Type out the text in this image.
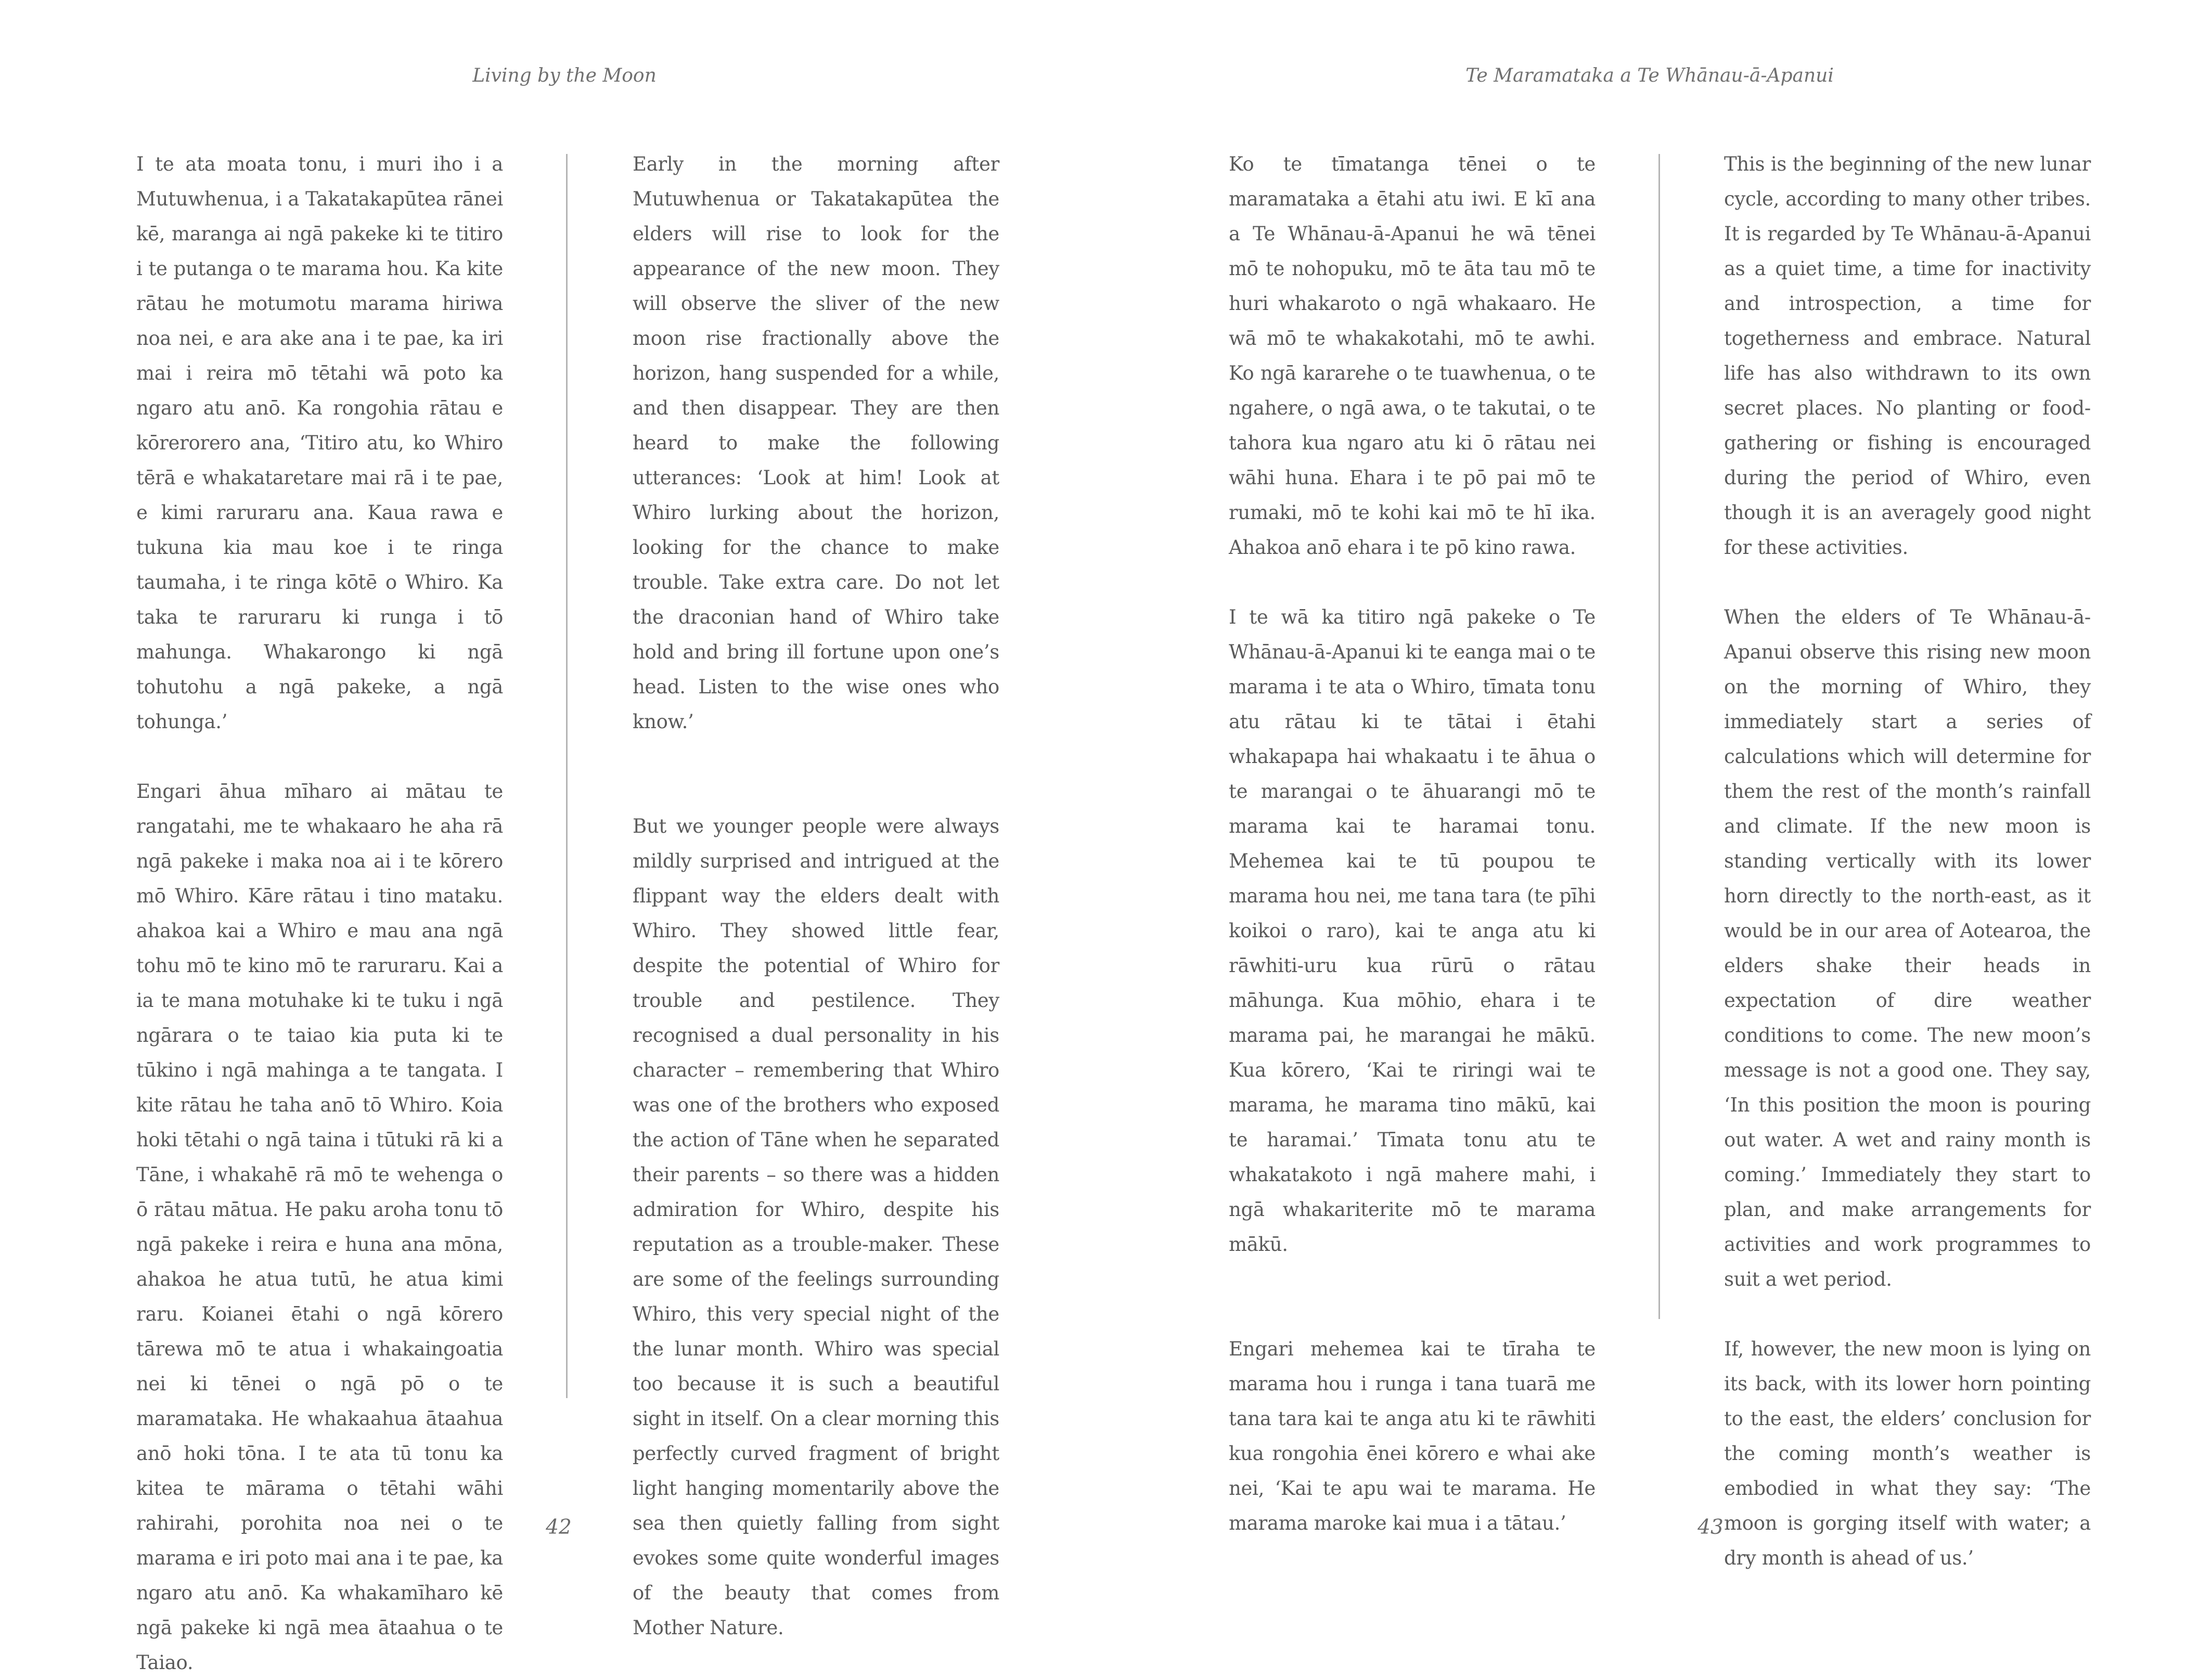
Living by the Moon

I te ata moata tonu, i muri iho i a Mutuwhenua, i a Takatakapūtea rānei kē, maranga ai ngā pakeke ki te titiro i te putanga o te marama hou. Ka kite rātau he motumotu marama hiriwa noa nei, e ara ake ana i te pae, ka iri mai i reira mō tētahi wā poto ka ngaro atu anō. Ka rongohia rātau e kōrerorero ana, ‘Titiro atu, ko Whiro tērā e whakataretare mai rā i te pae, e kimi raruraru ana. Kaua rawa e tukuna kia mau koe i te ringa taumaha, i te ringa kōtē o Whiro. Ka taka te raruraru ki runga i tō mahunga. Whakarongo ki ngā tohutohu a ngā pakeke, a ngā tohunga.’

Engari āhua mīharo ai mātau te rangatahi, me te whakaaro he aha rā ngā pakeke i maka noa ai i te kōrero mō Whiro. Kāre rātau i tino mataku. ahakoa kai a Whiro e mau ana ngā tohu mō te kino mō te raruraru. Kai a ia te mana motuhake ki te tuku i ngā ngārara o te taiao kia puta ki te tūkino i ngā mahinga a te tangata. I kite rātau he taha anō tō Whiro. Koia hoki tētahi o ngā taina i tūtuki rā ki a Tāne, i whakahē rā mō te wehenga o ō rātau mātua. He paku aroha tonu tō ngā pakeke i reira e huna ana mōna, ahakoa he atua tutū, he atua kimi raru. Koianei ētahi o ngā kōrero tārewa mō te atua i whakaingoatia nei ki tēnei o ngā pō o te maramataka. He whakaahua ātaahua anō hoki tōna. I te ata tū tonu ka kitea te mārama o tētahi wāhi rahirahi, porohita noa nei o te marama e iri poto mai ana i te pae, ka ngaro atu anō. Ka whakamīharo kē ngā pakeke ki ngā mea ātaahua o te Taiao.

Early in the morning after Mutuwhenua or Takatakapūtea the elders will rise to look for the appearance of the new moon. They will observe the sliver of the new moon rise fractionally above the horizon, hang suspended for a while, and then disappear. They are then heard to make the following utterances: ‘Look at him! Look at Whiro lurking about the horizon, looking for the chance to make trouble. Take extra care. Do not let the draconian hand of Whiro take hold and bring ill fortune upon one’s head. Listen to the wise ones who know.’

But we younger people were always mildly surprised and intrigued at the flippant way the elders dealt with Whiro. They showed little fear, despite the potential of Whiro for trouble and pestilence. They recognised a dual personality in his character – remembering that Whiro was one of the brothers who exposed the action of Tāne when he separated their parents – so there was a hidden admiration for Whiro, despite his reputation as a trouble-maker. These are some of the feelings surrounding Whiro, this very special night of the the lunar month. Whiro was special too because it is such a beautiful sight in itself. On a clear morning this perfectly curved fragment of bright light hanging momentarily above the sea then quietly falling from sight evokes some quite wonderful images of the beauty that comes from Mother Nature.

42
Te Maramataka a Te Whānau-ā-Apanui

Ko te tīmatanga tēnei o te maramataka a ētahi atu iwi. E kī ana a Te Whānau-ā-Apanui he wā tēnei mō te nohopuku, mō te āta tau mō te huri whakaroto o ngā whakaaro. He wā mō te whakakotahi, mō te awhi. Ko ngā kararehe o te tuawhenua, o te ngahere, o ngā awa, o te takutai, o te tahora kua ngaro atu ki ō rātau nei wāhi huna. Ehara i te pō pai mō te rumaki, mō te kohi kai mō te hī ika. Ahakoa anō ehara i te pō kino rawa.

I te wā ka titiro ngā pakeke o Te Whānau-ā-Apanui ki te eanga mai o te marama i te ata o Whiro, tīmata tonu atu rātau ki te tātai i ētahi whakapapa hai whakaatu i te āhua o te marangai o te āhuarangi mō te marama kai te haramai tonu. Mehemea kai te tū poupou te marama hou nei, me tana tara (te pīhi koikoi o raro), kai te anga atu ki rāwhiti-uru kua rūrū o rātau māhunga. Kua mōhio, ehara i te marama pai, he marangai he mākū. Kua kōrero, ‘Kai te riringi wai te marama, he marama tino mākū, kai te haramai.’ Tīmata tonu atu te whakatakoto i ngā mahere mahi, i ngā whakariterite mō te marama mākū.

Engari mehemea kai te tīraha te marama hou i runga i tana tuarā me tana tara kai te anga atu ki te rāwhiti kua rongohia ēnei kōrero e whai ake nei, ‘Kai te apu wai te marama. He marama maroke kai mua i a tātau.’

This is the beginning of the new lunar cycle, according to many other tribes. It is regarded by Te Whānau-ā-Apanui as a quiet time, a time for inactivity and introspection, a time for togetherness and embrace. Natural life has also withdrawn to its own secret places. No planting or food-gathering or fishing is encouraged during the period of Whiro, even though it is an averagely good night for these activities.

When the elders of Te Whānau-ā-Apanui observe this rising new moon on the morning of Whiro, they immediately start a series of calculations which will determine for them the rest of the month’s rainfall and climate. If the new moon is standing vertically with its lower horn directly to the north-east, as it would be in our area of Aotearoa, the elders shake their heads in expectation of dire weather conditions to come. The new moon’s message is not a good one. They say, ‘In this position the moon is pouring out water. A wet and rainy month is coming.’ Immediately they start to plan, and make arrangements for activities and work programmes to suit a wet period.

If, however, the new moon is lying on its back, with its lower horn pointing to the east, the elders’ conclusion for the coming month’s weather is embodied in what they say: ‘The moon is gorging itself with water; a dry month is ahead of us.’

43
